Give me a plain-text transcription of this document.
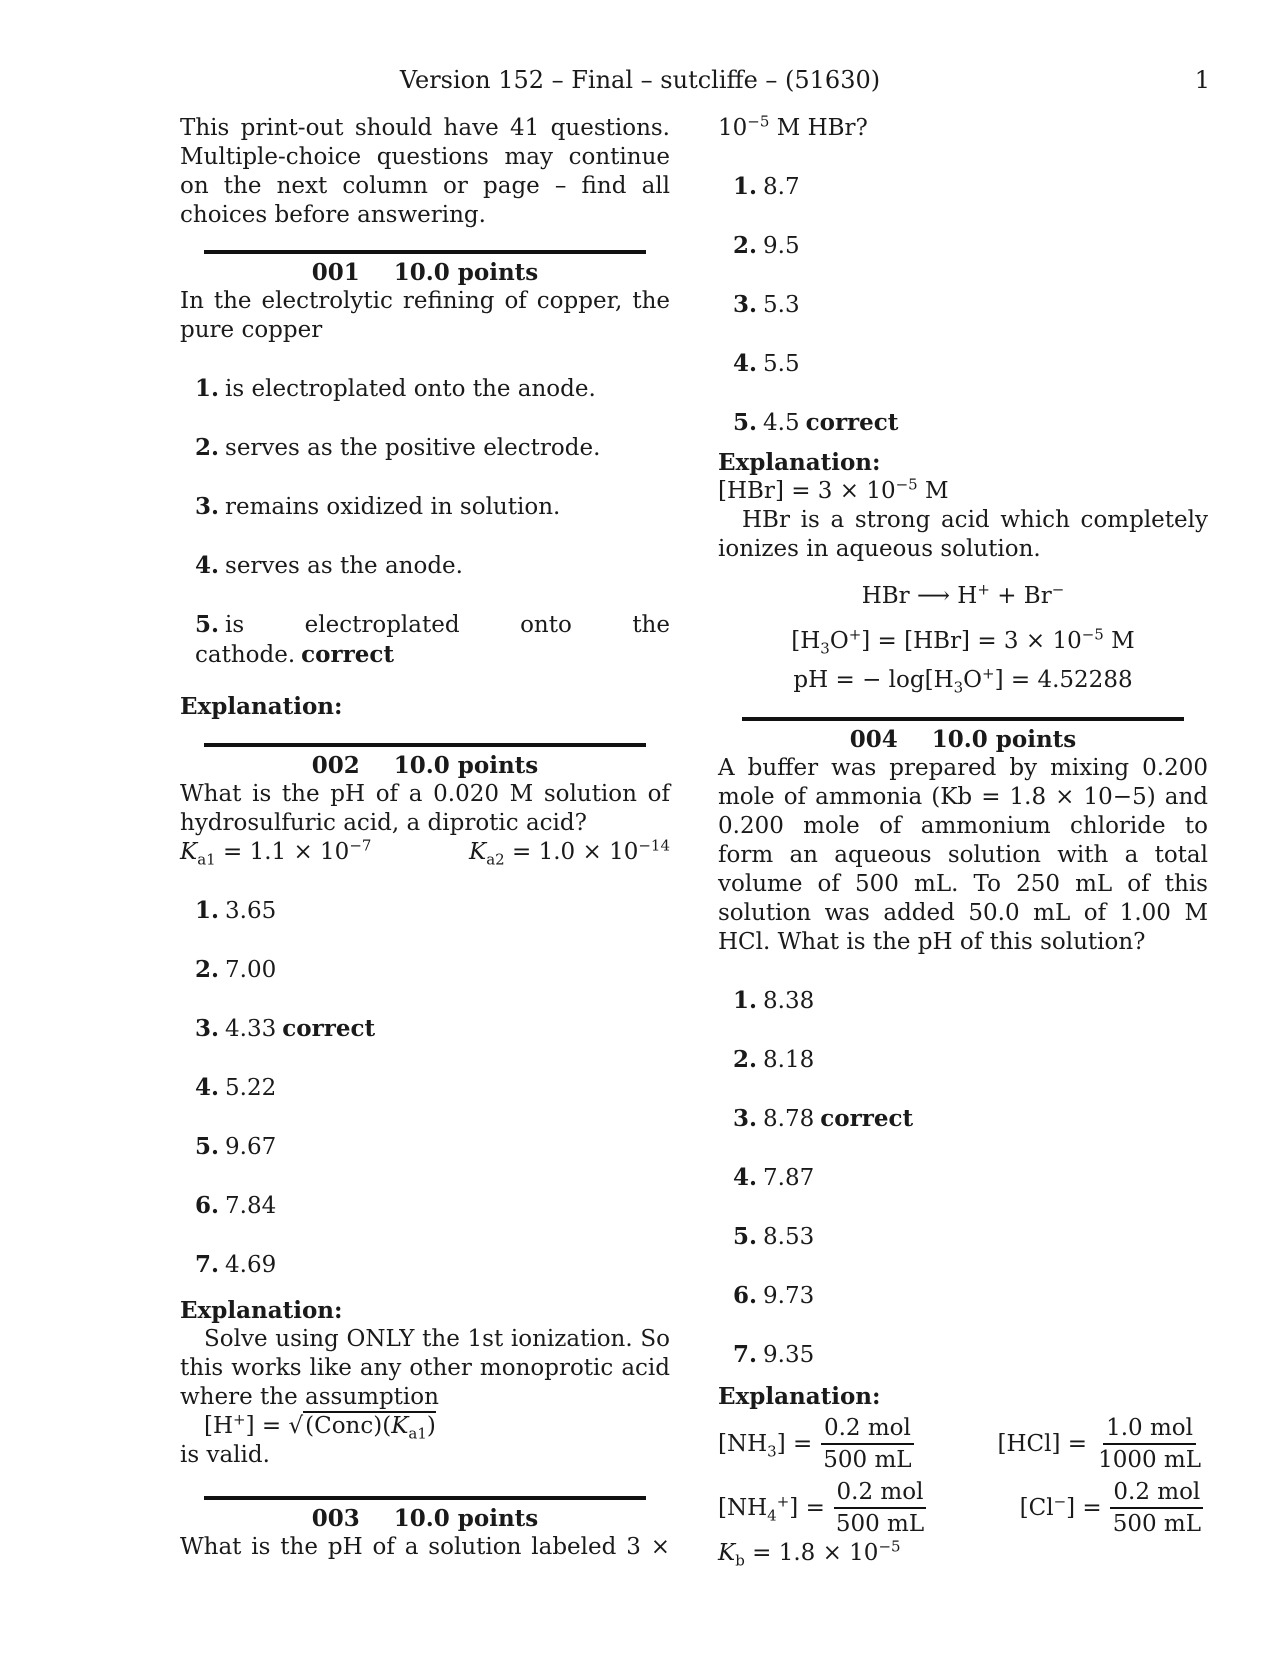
Version 152 – Final – sutcliffe – (51630)	1
This print-out should have 41 questions. Multiple-choice questions may continue on the next column or page – find all choices before answering.
001 10.0 points
In the electrolytic refining of copper, the pure copper
1. is electroplated onto the anode.
2. serves as the positive electrode.
3. remains oxidized in solution.
4. serves as the anode.
5. is electroplated onto the cathode. correct
Explanation:
002 10.0 points
What is the pH of a 0.020 M solution of hydrosulfuric acid, a diprotic acid?
$K_{a1} = 1.1 \times 10^{-7}$	$K_{a2} = 1.0 \times 10^{-14}$
1. 3.65
2. 7.00
3. 4.33 correct
4. 5.22
5. 9.67
6. 7.84
7. 4.69
Explanation:
Solve using ONLY the 1st ionization. So this works like any other monoprotic acid where the assumption
$[H^+] = √(Conc)(K_{a1})$
is valid.
003 10.0 points
What is the pH of a solution labeled 3 ×
$10^{-5}$ M HBr?
1. 8.7
2. 9.5
3. 5.3
4. 5.5
5. 4.5 correct
Explanation:
$[HBr] = 3 \times 10^{-5}$ M
HBr is a strong acid which completely ionizes in aqueous solution.
HBr ⟶ H+ + Br−
$[H_3O^+] = [HBr] = 3 \times 10^{-5}$ M
pH = − $\log[H_3O^+] = 4.52288$
004 10.0 points
A buffer was prepared by mixing 0.200 mole of ammonia (Kb = 1.8 × 10−5) and 0.200 mole of ammonium chloride to form an aqueous solution with a total volume of 500 mL. To 250 mL of this solution was added 50.0 mL of 1.00 M HCl. What is the pH of this solution?
1. 8.38
2. 8.18
3. 8.78 correct
4. 7.87
5. 8.53
6. 9.73
7. 9.35
Explanation:
$[NH_3] = \frac{\text{0.2 mol}}{500 mL}$	$[HCl] = \frac{\text{1.0 mol}}{1000 mL}$
$[NH_4^+] = \frac{\text{0.2 mol}}{500 mL}$	$[Cl^-] = \frac{\text{0.2 mol}}{500 mL}$
$K_b = 1.8 \times 10^{-5}$
